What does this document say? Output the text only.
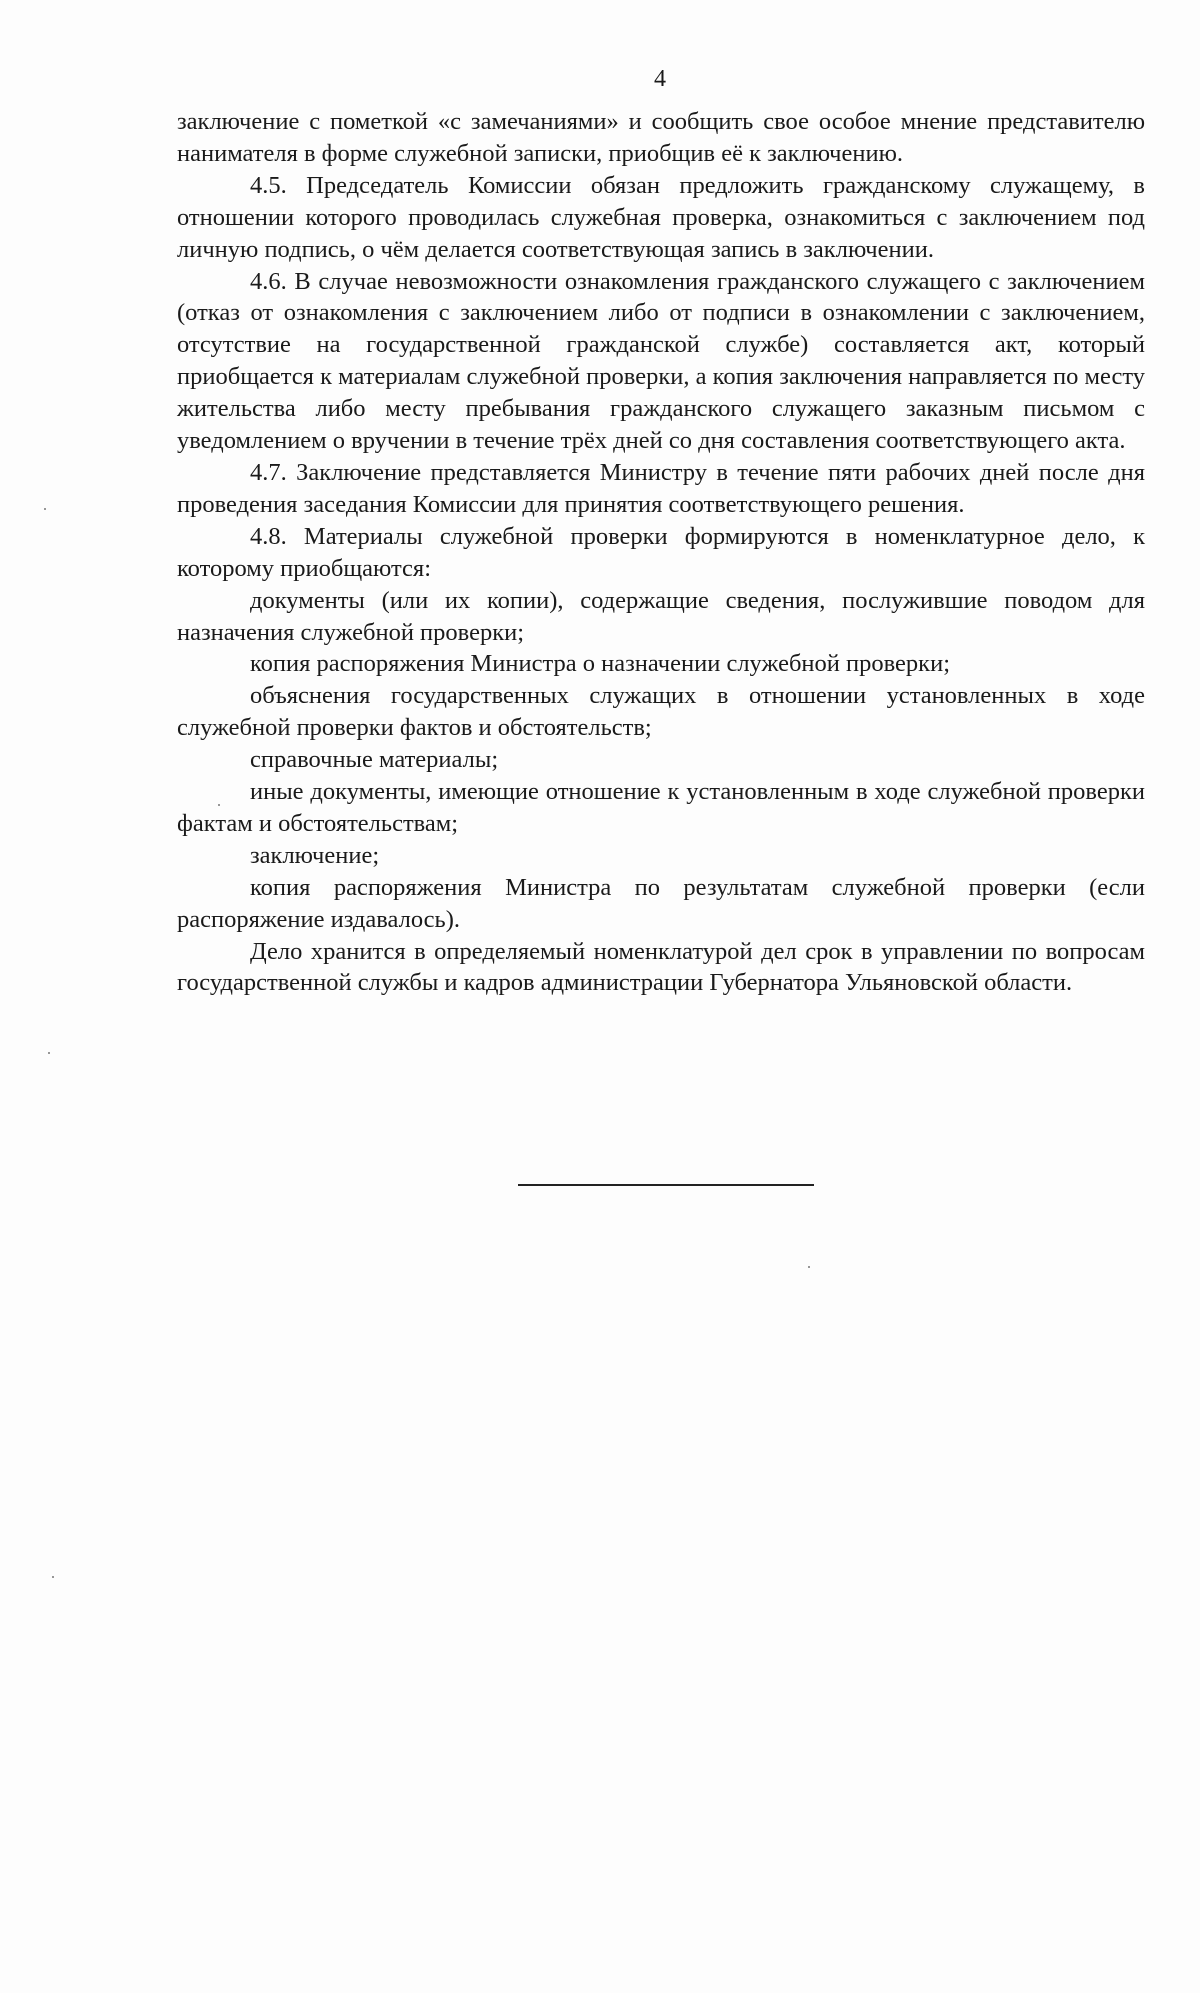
4

заключение с пометкой «с замечаниями» и сообщить свое особое мнение представителю нанимателя в форме служебной записки, приобщив её к заключению.

4.5. Председатель Комиссии обязан предложить гражданскому служащему, в отношении которого проводилась служебная проверка, ознакомиться с заключением под личную подпись, о чём делается соответствующая запись в заключении.

4.6. В случае невозможности ознакомления гражданского служащего с заключением (отказ от ознакомления с заключением либо от подписи в ознакомлении с заключением, отсутствие на государственной гражданской службе) составляется акт, который приобщается к материалам служебной проверки, а копия заключения направляется по месту жительства либо месту пребывания гражданского служащего заказным письмом с уведомлением о вручении в течение трёх дней со дня составления соответствующего акта.

4.7. Заключение представляется Министру в течение пяти рабочих дней после дня проведения заседания Комиссии для принятия соответствующего решения.

4.8. Материалы служебной проверки формируются в номенклатурное дело, к которому приобщаются:

документы (или их копии), содержащие сведения, послужившие поводом для назначения служебной проверки;

копия распоряжения Министра о назначении служебной проверки;

объяснения государственных служащих в отношении установленных в ходе служебной проверки фактов и обстоятельств;

справочные материалы;

иные документы, имеющие отношение к установленным в ходе служебной проверки фактам и обстоятельствам;

заключение;

копия распоряжения Министра по результатам служебной проверки (если распоряжение издавалось).

Дело хранится в определяемый номенклатурой дел срок в управлении по вопросам государственной службы и кадров администрации Губернатора Ульяновской области.
